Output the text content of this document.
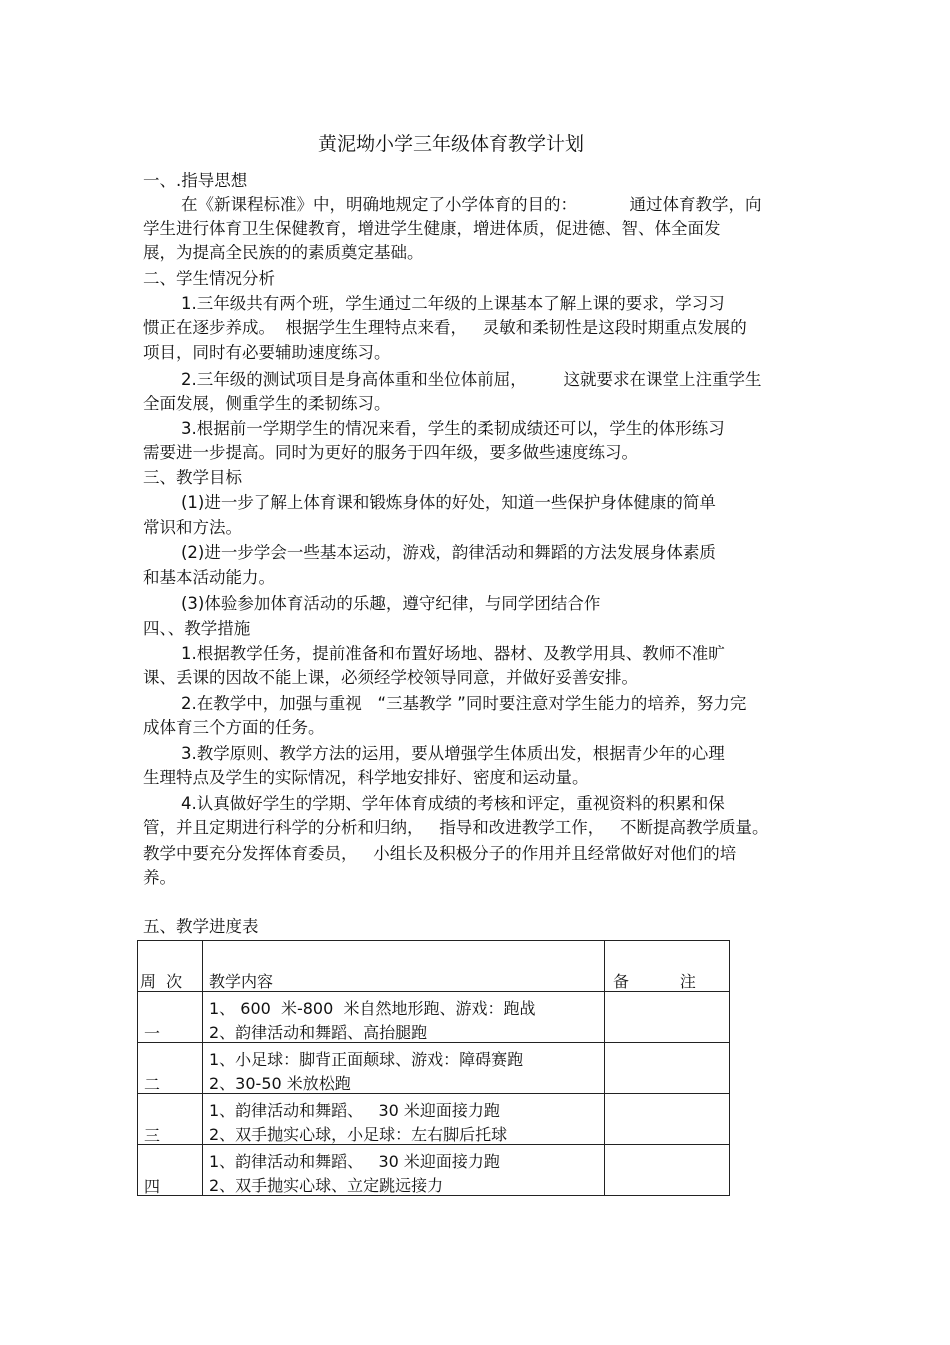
黄泥坳小学三年级体育教学计划
一、.指导思想
在《新课程标准》中，明确地规定了小学体育的目的：          通过体育教学，向
学生进行体育卫生保健教育，增进学生健康，增进体质，促进德、智、体全面发
展，为提高全民族的的素质奠定基础。
二、学生情况分析
1.三年级共有两个班，学生通过二年级的上课基本了解上课的要求，学习习
惯正在逐步养成。  根据学生生理特点来看，   灵敏和柔韧性是这段时期重点发展的
项目，同时有必要辅助速度练习。
2.三年级的测试项目是身高体重和坐位体前屈，       这就要求在课堂上注重学生
全面发展，侧重学生的柔韧练习。
3.根据前一学期学生的情况来看，学生的柔韧成绩还可以，学生的体形练习
需要进一步提高。同时为更好的服务于四年级，要多做些速度练习。
三、教学目标
(1)进一步了解上体育课和锻炼身体的好处，知道一些保护身体健康的简单
常识和方法。
(2)进一步学会一些基本运动，游戏，韵律活动和舞蹈的方法发展身体素质
和基本活动能力。
(3)体验参加体育活动的乐趣，遵守纪律，与同学团结合作
四、、教学措施
1.根据教学任务，提前准备和布置好场地、器材、及教学用具、教师不准旷
课、丢课的因故不能上课，必须经学校领导同意，并做好妥善安排。
2.在教学中，加强与重视   “三基教学 ”同时要注意对学生能力的培养，努力完
成体育三个方面的任务。
3.教学原则、教学方法的运用，要从增强学生体质出发，根据青少年的心理
生理特点及学生的实际情况，科学地安排好、密度和运动量。
4.认真做好学生的学期、学年体育成绩的考核和评定，重视资料的积累和保
管，并且定期进行科学的分析和归纳，   指导和改进教学工作，   不断提高教学质量。
教学中要充分发挥体育委员，   小组长及积极分子的作用并且经常做好对他们的培
养。
五、教学进度表
周  次	教学内容	备          注

一	1、 600  米-800  米自然地形跑、游戏：跑战
2、韵律活动和舞蹈、高抬腿跑	

二	1、小足球：脚背正面颠球、游戏：障碍赛跑
2、30-50 米放松跑	

三	1、韵律活动和舞蹈、   30 米迎面接力跑
2、双手抛实心球，小足球：左右脚后托球	

四	1、韵律活动和舞蹈、   30 米迎面接力跑
2、双手抛实心球、立定跳远接力	
